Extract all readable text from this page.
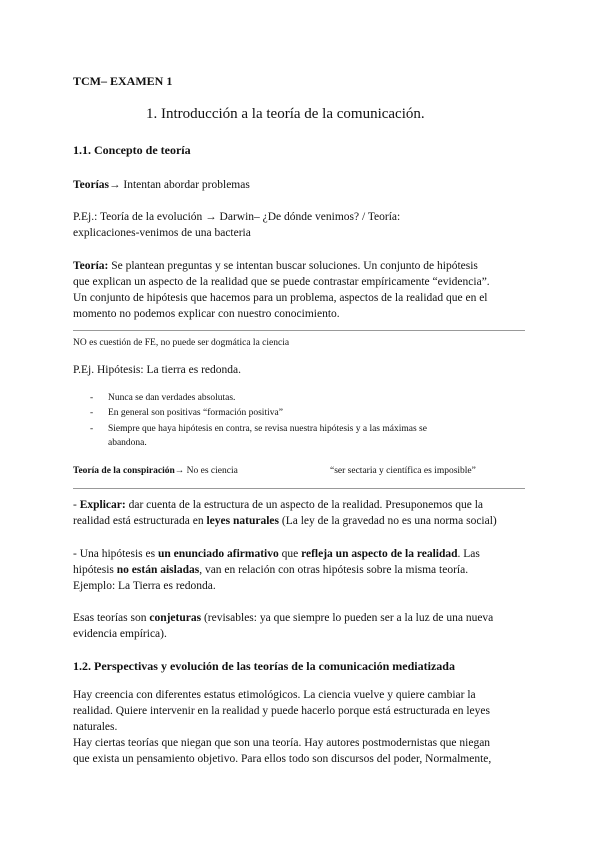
TCM– EXAMEN 1
1. Introducción a la teoría de la comunicación.
1.1. Concepto de teoría
Teorías→ Intentan abordar problemas
P.Ej.: Teoría de la evolución → Darwin– ¿De dónde venimos? / Teoría:
explicaciones-venimos de una bacteria
Teoría: Se plantean preguntas y se intentan buscar soluciones. Un conjunto de hipótesis
que explican un aspecto de la realidad que se puede contrastar empíricamente “evidencia”.
Un conjunto de hipótesis que hacemos para un problema, aspectos de la realidad que en el
momento no podemos explicar con nuestro conocimiento.
NO es cuestión de FE, no puede ser dogmática la ciencia
P.Ej. Hipótesis: La tierra es redonda.
- Nunca se dan verdades absolutas.
- En general son positivas “formación positiva”
- Siempre que haya hipótesis en contra, se revisa nuestra hipótesis y a las máximas se
abandona.
Teoría de la conspiración→ No es ciencia	“ser sectaria y científica es imposible”
- Explicar: dar cuenta de la estructura de un aspecto de la realidad. Presuponemos que la
realidad está estructurada en leyes naturales (La ley de la gravedad no es una norma social)
- Una hipótesis es un enunciado afirmativo que refleja un aspecto de la realidad. Las
hipótesis no están aisladas, van en relación con otras hipótesis sobre la misma teoría.
Ejemplo: La Tierra es redonda.
Esas teorías son conjeturas (revisables: ya que siempre lo pueden ser a la luz de una nueva
evidencia empírica).
1.2. Perspectivas y evolución de las teorías de la comunicación mediatizada
Hay creencia con diferentes estatus etimológicos. La ciencia vuelve y quiere cambiar la
realidad. Quiere intervenir en la realidad y puede hacerlo porque está estructurada en leyes
naturales.
Hay ciertas teorías que niegan que son una teoría. Hay autores postmodernistas que niegan
que exista un pensamiento objetivo. Para ellos todo son discursos del poder, Normalmente,
